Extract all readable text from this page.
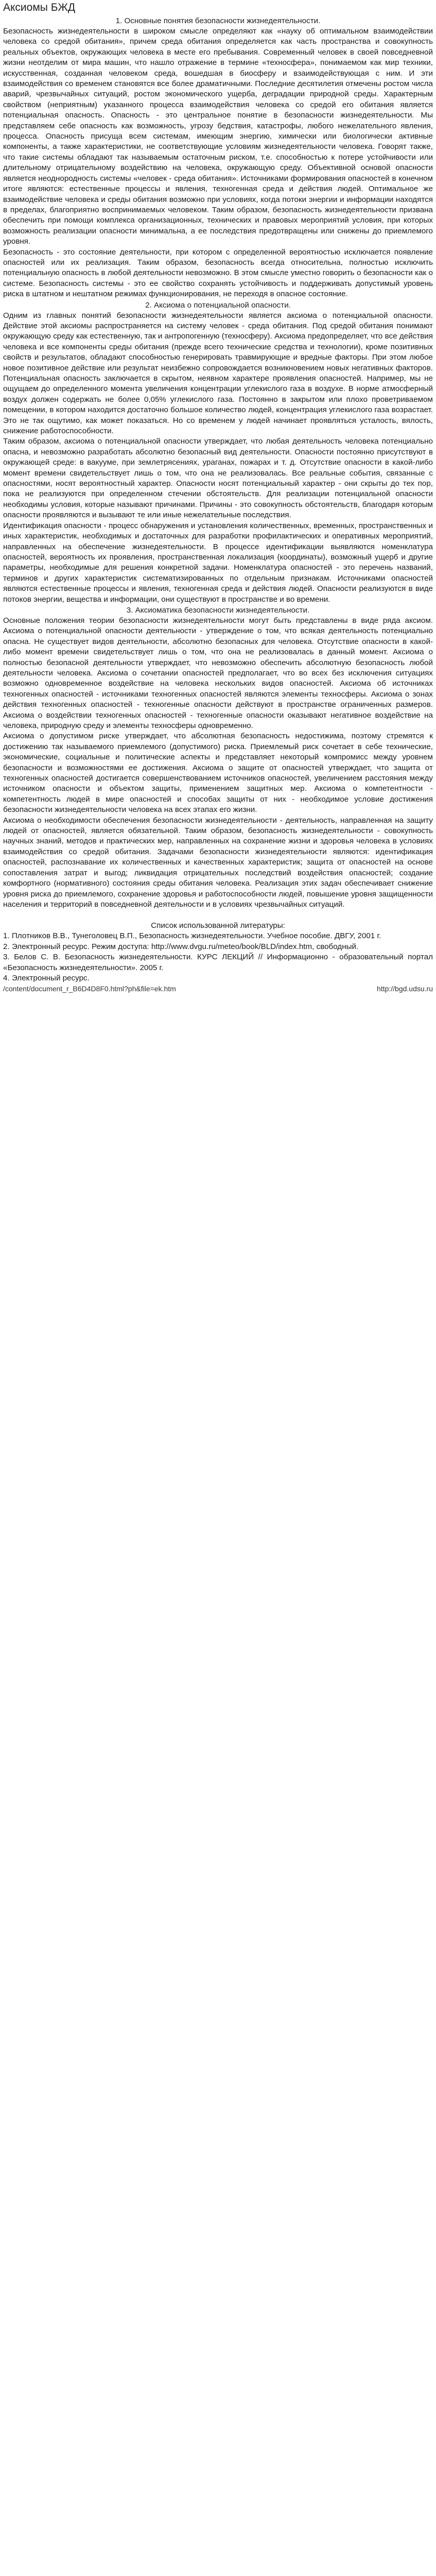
Аксиомы БЖД

1. Основные понятия безопасности жизнедеятельности.

Безопасность жизнедеятельности в широком смысле определяют как «науку об оптимальном взаимодействии человека со средой обитания», причем среда обитания определяется как часть пространства и совокупность реальных объектов, окружающих человека в месте его пребывания. Современный человек в своей повседневной жизни неотделим от мира машин, что нашло отражение в термине «техносфера», понимаемом как мир техники, искусственная, созданная человеком среда, вошедшая в биосферу и взаимодействующая с ним. И эти взаимодействия со временем становятся все более драматичными. Последние десятилетия отмечены ростом числа аварий, чрезвычайных ситуаций, ростом экономического ущерба, деградации природной среды. Характерным свойством (неприятным) указанного процесса взаимодействия человека со средой его обитания является потенциальная опасность. Опасность - это центральное понятие в безопасности жизнедеятельности. Мы представляем себе опасность как возможность, угрозу бедствия, катастрофы, любого нежелательного явления, процесса. Опасность присуща всем системам, имеющим энергию, химически или биологически активные компоненты, а также характеристики, не соответствующие условиям жизнедеятельности человека. Говорят также, что такие системы обладают так называемым остаточным риском, т.е. способностью к потере устойчивости или длительному отрицательному воздействию на человека, окружающую среду. Объективной основой опасности является неоднородность системы «человек - среда обитания». Источниками формирования опасностей в конечном итоге являются: естественные процессы и явления, техногенная среда и действия людей. Оптимальное же взаимодействие человека и среды обитания возможно при условиях, когда потоки энергии и информации находятся в пределах, благоприятно воспринимаемых человеком. Таким образом, безопасность жизнедеятельности призвана обеспечить при помощи комплекса организационных, технических и правовых мероприятий условия, при которых возможность реализации опасности минимальна, а ее последствия предотвращены или снижены до приемлемого уровня.

Безопасность - это состояние деятельности, при котором с определенной вероятностью исключается появление опасностей или их реализация. Таким образом, безопасность всегда относительна, полностью исключить потенциальную опасность в любой деятельности невозможно. В этом смысле уместно говорить о безопасности как о системе. Безопасность системы - это ее свойство сохранять устойчивость и поддерживать допустимый уровень риска в штатном и нештатном режимах функционирования, не переходя в опасное состояние.

2. Аксиома о потенциальной опасности.

Одним из главных понятий безопасности жизнедеятельности является аксиома о потенциальной опасности. Действие этой аксиомы распространяется на систему человек - среда обитания. Под средой обитания понимают окружающую среду как естественную, так и антропогенную (техносферу). Аксиома предопределяет, что все действия человека и все компоненты среды обитания (прежде всего технические средства и технологии), кроме позитивных свойств и результатов, обладают способностью генерировать травмирующие и вредные факторы. При этом любое новое позитивное действие или результат неизбежно сопровождается возникновением новых негативных факторов. Потенциальная опасность заключается в скрытом, неявном характере проявления опасностей. Например, мы не ощущаем до определенного момента увеличения концентрации углекислого газа в воздухе. В норме атмосферный воздух должен содержать не более 0,05% углекислого газа. Постоянно в закрытом или плохо проветриваемом помещении, в котором находится достаточно большое количество людей, концентрация углекислого газа возрастает. Это не так ощутимо, как может показаться. Но со временем у людей начинает проявляться усталость, вялость, снижение работоспособности.

Таким образом, аксиома о потенциальной опасности утверждает, что любая деятельность человека потенциально опасна, и невозможно разработать абсолютно безопасный вид деятельности. Опасности постоянно присутствуют в окружающей среде: в вакууме, при землетрясениях, ураганах, пожарах и т. д. Отсутствие опасности в какой-либо момент времени свидетельствует лишь о том, что она не реализовалась. Все реальные события, связанные с опасностями, носят вероятностный характер. Опасности носят потенциальный характер - они скрыты до тех пор, пока не реализуются при определенном стечении обстоятельств. Для реализации потенциальной опасности необходимы условия, которые называют причинами. Причины - это совокупность обстоятельств, благодаря которым опасности проявляются и вызывают те или иные нежелательные последствия.

Идентификация опасности - процесс обнаружения и установления количественных, временных, пространственных и иных характеристик, необходимых и достаточных для разработки профилактических и оперативных мероприятий, направленных на обеспечение жизнедеятельности. В процессе идентификации выявляются номенклатура опасностей, вероятность их проявления, пространственная локализация (координаты), возможный ущерб и другие параметры, необходимые для решения конкретной задачи. Номенклатура опасностей - это перечень названий, терминов и других характеристик систематизированных по отдельным признакам. Источниками опасностей являются естественные процессы и явления, техногенная среда и действия людей. Опасности реализуются в виде потоков энергии, вещества и информации, они существуют в пространстве и во времени.

3. Аксиоматика безопасности жизнедеятельности.

Основные положения теории безопасности жизнедеятельности могут быть представлены в виде ряда аксиом. Аксиома о потенциальной опасности деятельности - утверждение о том, что всякая деятельность потенциально опасна. Не существует видов деятельности, абсолютно безопасных для человека. Отсутствие опасности в какой-либо момент времени свидетельствует лишь о том, что она не реализовалась в данный момент. Аксиома о полностью безопасной деятельности утверждает, что невозможно обеспечить абсолютную безопасность любой деятельности человека. Аксиома о сочетании опасностей предполагает, что во всех без исключения ситуациях возможно одновременное воздействие на человека нескольких видов опасностей. Аксиома об источниках техногенных опасностей - источниками техногенных опасностей являются элементы техносферы. Аксиома о зонах действия техногенных опасностей - техногенные опасности действуют в пространстве ограниченных размеров. Аксиома о воздействии техногенных опасностей - техногенные опасности оказывают негативное воздействие на человека, природную среду и элементы техносферы одновременно.

Аксиома о допустимом риске утверждает, что абсолютная безопасность недостижима, поэтому стремятся к достижению так называемого приемлемого (допустимого) риска. Приемлемый риск сочетает в себе технические, экономические, социальные и политические аспекты и представляет некоторый компромисс между уровнем безопасности и возможностями ее достижения. Аксиома о защите от опасностей утверждает, что защита от техногенных опасностей достигается совершенствованием источников опасностей, увеличением расстояния между источником опасности и объектом защиты, применением защитных мер. Аксиома о компетентности - компетентность людей в мире опасностей и способах защиты от них - необходимое условие достижения безопасности жизнедеятельности человека на всех этапах его жизни.

Аксиома о необходимости обеспечения безопасности жизнедеятельности - деятельность, направленная на защиту людей от опасностей, является обязательной. Таким образом, безопасность жизнедеятельности - совокупность научных знаний, методов и практических мер, направленных на сохранение жизни и здоровья человека в условиях взаимодействия со средой обитания. Задачами безопасности жизнедеятельности являются: идентификация опасностей, распознавание их количественных и качественных характеристик; защита от опасностей на основе сопоставления затрат и выгод; ликвидация отрицательных последствий воздействия опасностей; создание комфортного (нормативного) состояния среды обитания человека. Реализация этих задач обеспечивает снижение уровня риска до приемлемого, сохранение здоровья и работоспособности людей, повышение уровня защищенности населения и территорий в повседневной деятельности и в условиях чрезвычайных ситуаций.

Список использованной литературы:

1. Плотников В.В., Тунеголовец В.П., Безопасность жизнедеятельности. Учебное пособие. ДВГУ, 2001 г.

2. Электронный ресурс. Режим доступа: http://www.dvgu.ru/meteo/book/BLD/index.htm, свободный.

3. Белов С. В. Безопасность жизнедеятельности. КУРС ЛЕКЦИЙ // Информационно - образовательный портал «Безопасность жизнедеятельности». 2005 г.

4. Электронный ресурс.

/content/document_r_B6D4D8F0.html?ph&file=ek.htm	http://bgd.udsu.ru
